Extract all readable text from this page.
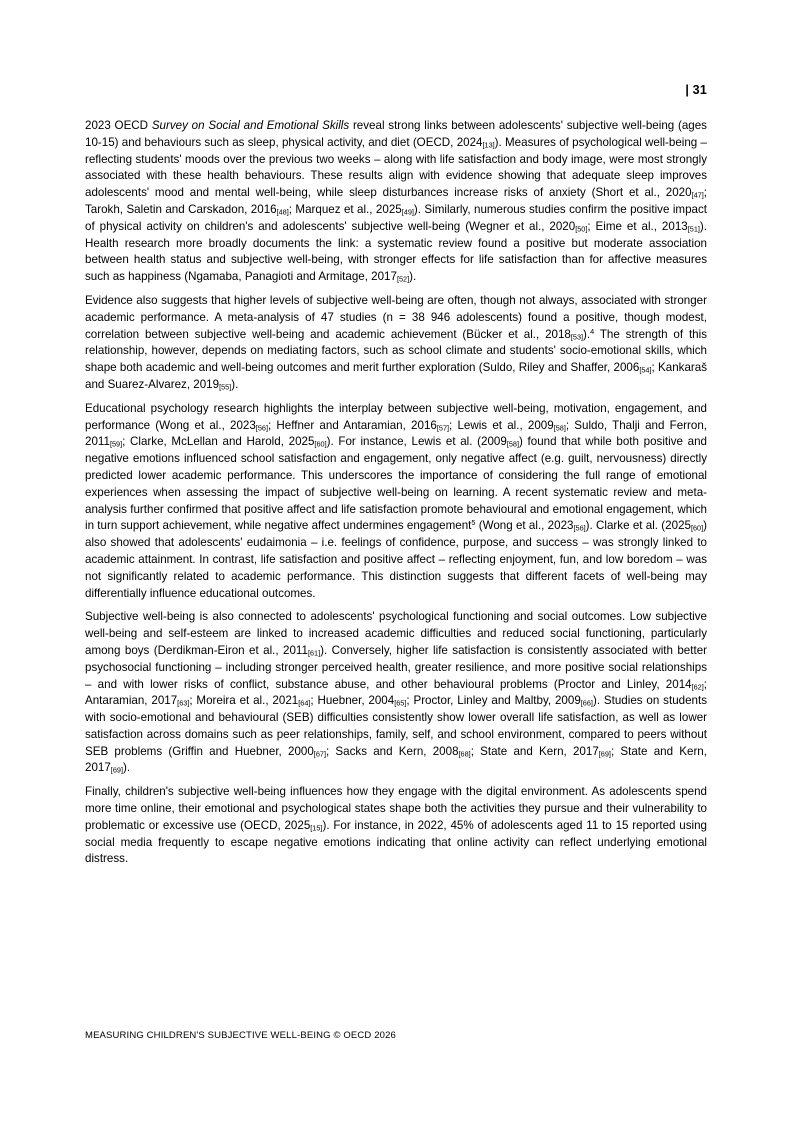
| 31

2023 OECD Survey on Social and Emotional Skills reveal strong links between adolescents' subjective well-being (ages 10-15) and behaviours such as sleep, physical activity, and diet (OECD, 2024[13]). Measures of psychological well-being – reflecting students' moods over the previous two weeks – along with life satisfaction and body image, were most strongly associated with these health behaviours. These results align with evidence showing that adequate sleep improves adolescents' mood and mental well-being, while sleep disturbances increase risks of anxiety (Short et al., 2020[47]; Tarokh, Saletin and Carskadon, 2016[48]; Marquez et al., 2025[49]). Similarly, numerous studies confirm the positive impact of physical activity on children's and adolescents' subjective well-being (Wegner et al., 2020[50]; Eime et al., 2013[51]). Health research more broadly documents the link: a systematic review found a positive but moderate association between health status and subjective well-being, with stronger effects for life satisfaction than for affective measures such as happiness (Ngamaba, Panagioti and Armitage, 2017[52]).

Evidence also suggests that higher levels of subjective well-being are often, though not always, associated with stronger academic performance. A meta-analysis of 47 studies (n = 38 946 adolescents) found a positive, though modest, correlation between subjective well-being and academic achievement (Bücker et al., 2018[53]).$^4$ The strength of this relationship, however, depends on mediating factors, such as school climate and students' socio-emotional skills, which shape both academic and well-being outcomes and merit further exploration (Suldo, Riley and Shaffer, 2006[54]; Kankaraš and Suarez-Alvarez, 2019[55]).

Educational psychology research highlights the interplay between subjective well-being, motivation, engagement, and performance (Wong et al., 2023[56]; Heffner and Antaramian, 2016[57]; Lewis et al., 2009[58]; Suldo, Thalji and Ferron, 2011[59]; Clarke, McLellan and Harold, 2025[60]). For instance, Lewis et al. (2009[58]) found that while both positive and negative emotions influenced school satisfaction and engagement, only negative affect (e.g. guilt, nervousness) directly predicted lower academic performance. This underscores the importance of considering the full range of emotional experiences when assessing the impact of subjective well-being on learning. A recent systematic review and meta-analysis further confirmed that positive affect and life satisfaction promote behavioural and emotional engagement, which in turn support achievement, while negative affect undermines engagement$^5$ (Wong et al., 2023[56]). Clarke et al. (2025[60]) also showed that adolescents' eudaimonia – i.e. feelings of confidence, purpose, and success – was strongly linked to academic attainment. In contrast, life satisfaction and positive affect – reflecting enjoyment, fun, and low boredom – was not significantly related to academic performance. This distinction suggests that different facets of well-being may differentially influence educational outcomes.

Subjective well-being is also connected to adolescents' psychological functioning and social outcomes. Low subjective well-being and self-esteem are linked to increased academic difficulties and reduced social functioning, particularly among boys (Derdikman-Eiron et al., 2011[61]). Conversely, higher life satisfaction is consistently associated with better psychosocial functioning – including stronger perceived health, greater resilience, and more positive social relationships – and with lower risks of conflict, substance abuse, and other behavioural problems (Proctor and Linley, 2014[62]; Antaramian, 2017[63]; Moreira et al., 2021[64]; Huebner, 2004[65]; Proctor, Linley and Maltby, 2009[66]). Studies on students with socio-emotional and behavioural (SEB) difficulties consistently show lower overall life satisfaction, as well as lower satisfaction across domains such as peer relationships, family, self, and school environment, compared to peers without SEB problems (Griffin and Huebner, 2000[67]; Sacks and Kern, 2008[68]; State and Kern, 2017[69]; State and Kern, 2017[69]).

Finally, children's subjective well-being influences how they engage with the digital environment. As adolescents spend more time online, their emotional and psychological states shape both the activities they pursue and their vulnerability to problematic or excessive use (OECD, 2025[15]). For instance, in 2022, 45% of adolescents aged 11 to 15 reported using social media frequently to escape negative emotions indicating that online activity can reflect underlying emotional distress.

MEASURING CHILDREN'S SUBJECTIVE WELL-BEING © OECD 2026
